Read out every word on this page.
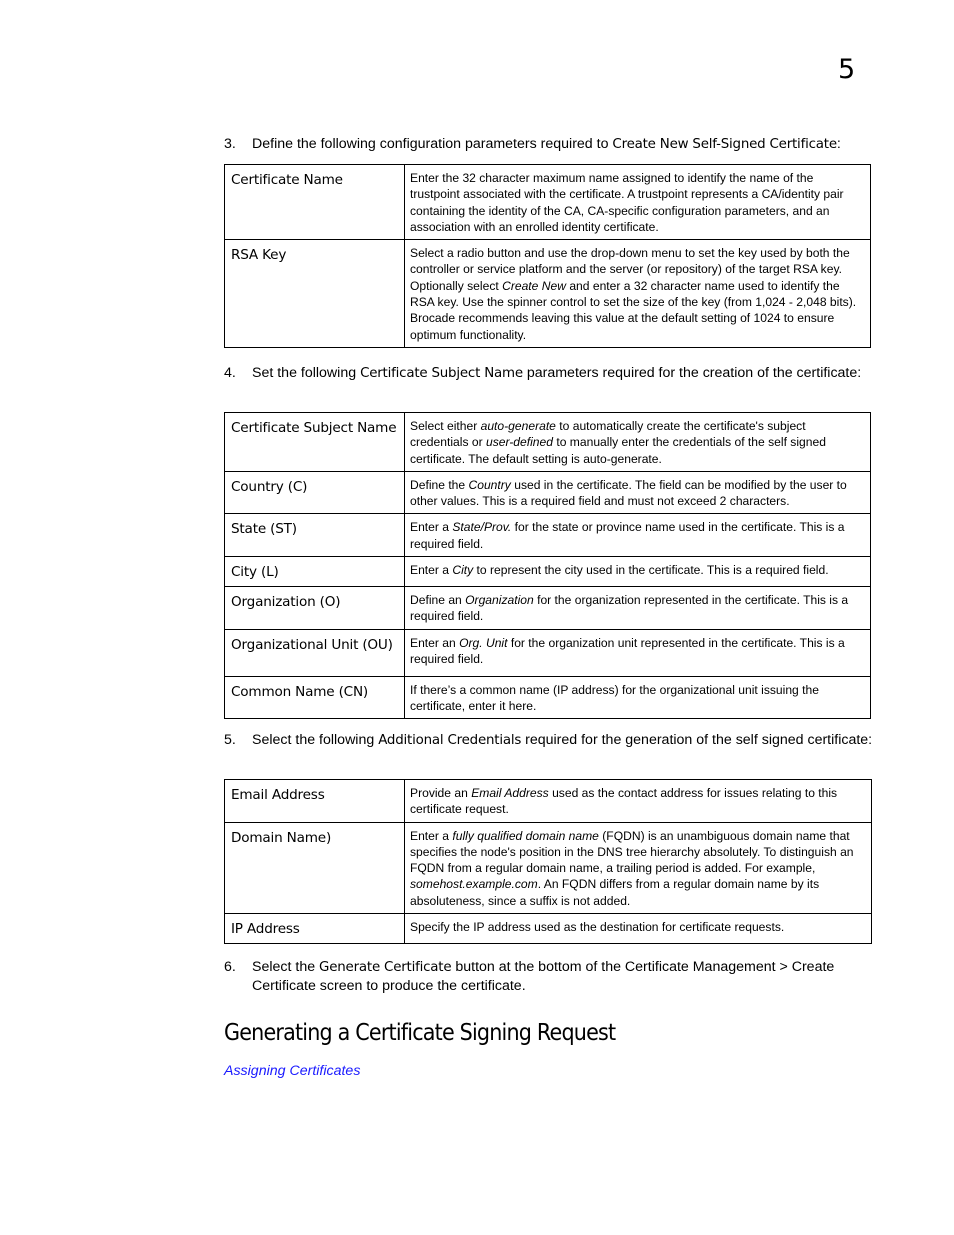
5
3. Define the following configuration parameters required to Create New Self-Signed Certificate:
Certificate Name	Enter the 32 character maximum name assigned to identify the name of the trustpoint associated with the certificate. A trustpoint represents a CA/identity pair containing the identity of the CA, CA-specific configuration parameters, and an association with an enrolled identity certificate.
RSA Key	Select a radio button and use the drop-down menu to set the key used by both the controller or service platform and the server (or repository) of the target RSA key. Optionally select Create New and enter a 32 character name used to identify the RSA key. Use the spinner control to set the size of the key (from 1,024 - 2,048 bits). Brocade recommends leaving this value at the default setting of 1024 to ensure optimum functionality.
4. Set the following Certificate Subject Name parameters required for the creation of the certificate:
Certificate Subject Name	Select either auto-generate to automatically create the certificate's subject credentials or user-defined to manually enter the credentials of the self signed certificate. The default setting is auto-generate.
Country (C)	Define the Country used in the certificate. The field can be modified by the user to other values. This is a required field and must not exceed 2 characters.
State (ST)	Enter a State/Prov. for the state or province name used in the certificate. This is a required field.
City (L)	Enter a City to represent the city used in the certificate. This is a required field.
Organization (O)	Define an Organization for the organization represented in the certificate. This is a required field.
Organizational Unit (OU)	Enter an Org. Unit for the organization unit represented in the certificate. This is a required field.
Common Name (CN)	If there’s a common name (IP address) for the organizational unit issuing the certificate, enter it here.
5. Select the following Additional Credentials required for the generation of the self signed certificate:
Email Address	Provide an Email Address used as the contact address for issues relating to this certificate request.
Domain Name)	Enter a fully qualified domain name (FQDN) is an unambiguous domain name that specifies the node's position in the DNS tree hierarchy absolutely. To distinguish an FQDN from a regular domain name, a trailing period is added. For example, somehost.example.com. An FQDN differs from a regular domain name by its absoluteness, since a suffix is not added.
IP Address	Specify the IP address used as the destination for certificate requests.
6. Select the Generate Certificate button at the bottom of the Certificate Management > Create Certificate screen to produce the certificate.
Generating a Certificate Signing Request
Assigning Certificates
